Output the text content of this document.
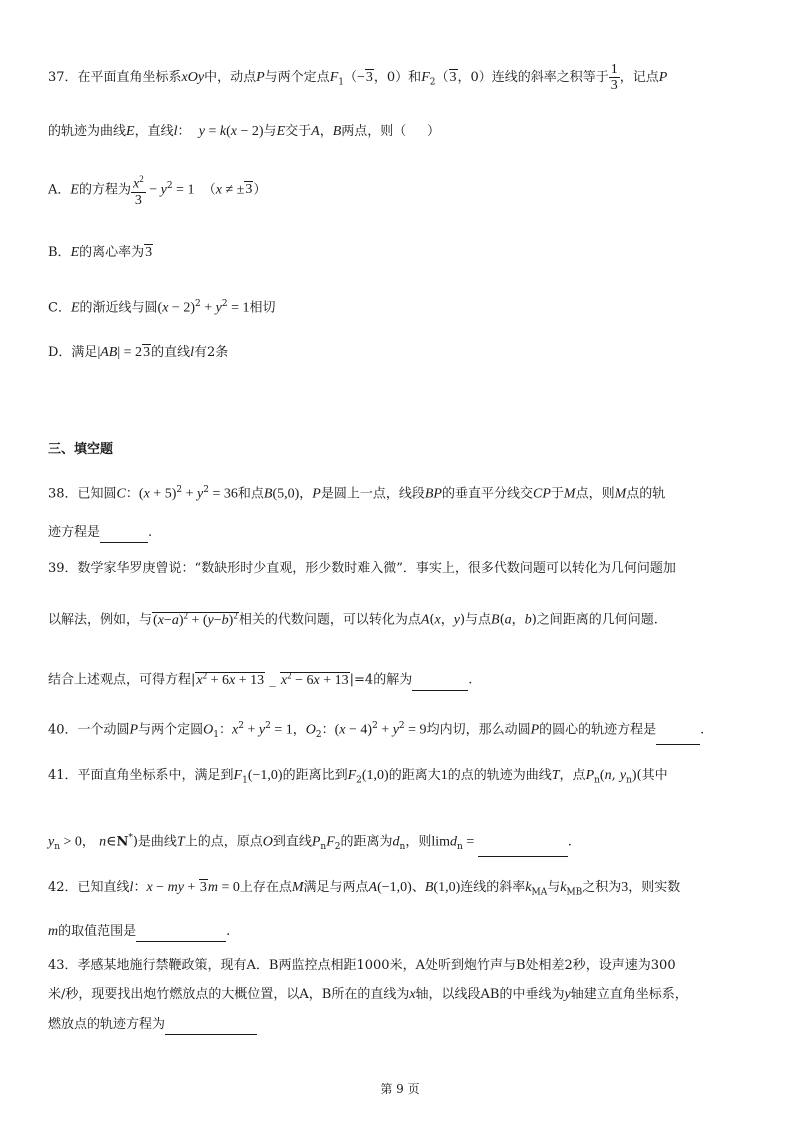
37．在平面直角坐标系xOy中，动点P与两个定点$F_1(-3$，0）和$F_2(3$，0）连线的斜率之积等于 $\frac{1}{3}$ ，记点P
的轨迹为曲线E，直线l：  y = k(x − 2)与E交于A，B两点，则（     ）
A．E的方程为 $\frac{x^2}{3} - y^2 = 1$  （x ≠ ±3）
B．E的离心率为3
C．E的渐近线与圆$(x - 2)^2 + y^2 = 1$相切
D．满足|AB| = 23的直线l有2条
三、填空题
38．已知圆C：$(x + 5)^2 + y^2 = 36$和点B(5,0)，P是圆上一点，线段BP的垂直平分线交CP于M点，则M点的轨
迹方程是	.
39．数学家华罗庚曾说：“数缺形时少直观，形少数时难入微”．事实上，很多代数问题可以转化为几何问题加
以解法，例如，与$(x-a)^2 + (y-b)^2$相关的代数问题，可以转化为点A(x，y)与点B(a，b)之间距离的几何问题.
结合上述观点，可得方程$|x^2 + 6x + 13$ _ $x^2 - 6x + 13|=4$的解为	.
40．一个动圆P与两个定圆$O_1$：$x^2 + y^2 = 1$，$O_2$：$(x - 4)^2 + y^2 = 9$均内切，那么动圆P的圆心的轨迹方程是	.
41．平面直角坐标系中，满足到$F_1(-1,0)$的距离比到$F_2(1,0)$的距离大1的点的轨迹为曲线T，点$P_n(n$, $y_n$)(其中
$y_n > 0$， n∈N*)是曲线T上的点，原点O到直线$P_nF_2$的距离为$d_n$，则limd$_n$ =	.
42．已知直线l：x − my + 3m = 0上存在点M满足与两点A(−1,0)、B(1,0)连线的斜率$k_{MA}$与$k_{MB}$之积为3，则实数
m的取值范围是	.
43．孝感某地施行禁鞭政策，现有A．B两监控点相距1000米，A处听到炮竹声与B处相差2秒，设声速为300
米/秒，现要找出炮竹燃放点的大概位置，以A，B所在的直线为x轴，以线段AB的中垂线为y轴建立直角坐标系，
燃放点的轨迹方程为
第 9 页
